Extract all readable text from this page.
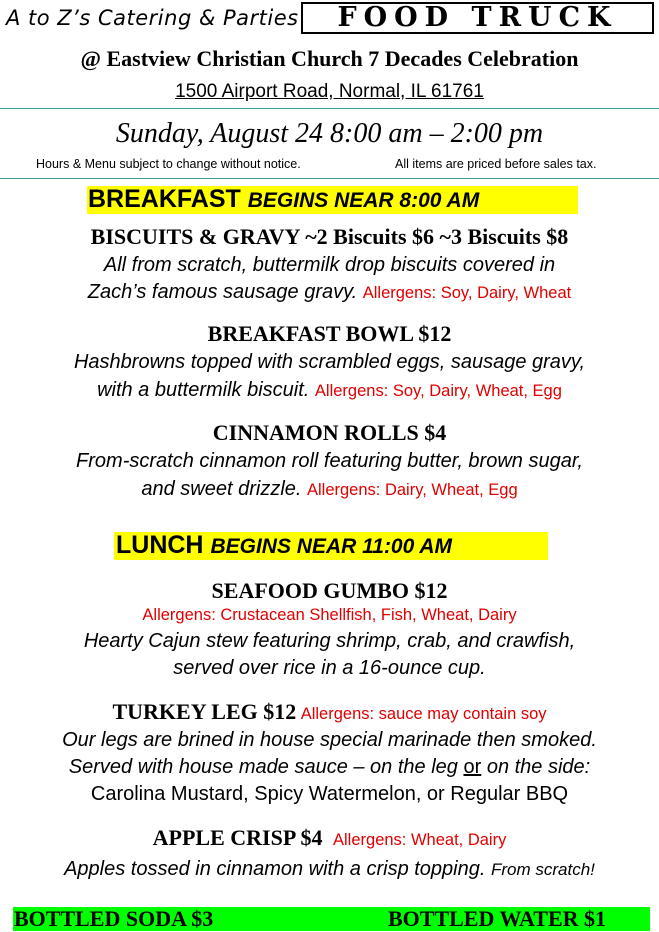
A to Z’s Catering & Parties	FOOD TRUCK
@ Eastview Christian Church 7 Decades Celebration
1500 Airport Road, Normal, IL 61761
Sunday, August 24 8:00 am – 2:00 pm
Hours & Menu subject to change without notice.	All items are priced before sales tax.
BREAKFAST BEGINS NEAR 8:00 AM
BISCUITS & GRAVY ~2 Biscuits $6 ~3 Biscuits $8
All from scratch, buttermilk drop biscuits covered in
Zach’s famous sausage gravy. Allergens: Soy, Dairy, Wheat
BREAKFAST BOWL $12
Hashbrowns topped with scrambled eggs, sausage gravy,
with a buttermilk biscuit. Allergens: Soy, Dairy, Wheat, Egg
CINNAMON ROLLS $4
From-scratch cinnamon roll featuring butter, brown sugar,
and sweet drizzle. Allergens: Dairy, Wheat, Egg
LUNCH BEGINS NEAR 11:00 AM
SEAFOOD GUMBO $12
Allergens: Crustacean Shellfish, Fish, Wheat, Dairy
Hearty Cajun stew featuring shrimp, crab, and crawfish,
served over rice in a 16-ounce cup.
TURKEY LEG $12 Allergens: sauce may contain soy
Our legs are brined in house special marinade then smoked.
Served with house made sauce – on the leg or on the side:
Carolina Mustard, Spicy Watermelon, or Regular BBQ
APPLE CRISP $4 Allergens: Wheat, Dairy
Apples tossed in cinnamon with a crisp topping. From scratch!
BOTTLED SODA $3	BOTTLED WATER $1
